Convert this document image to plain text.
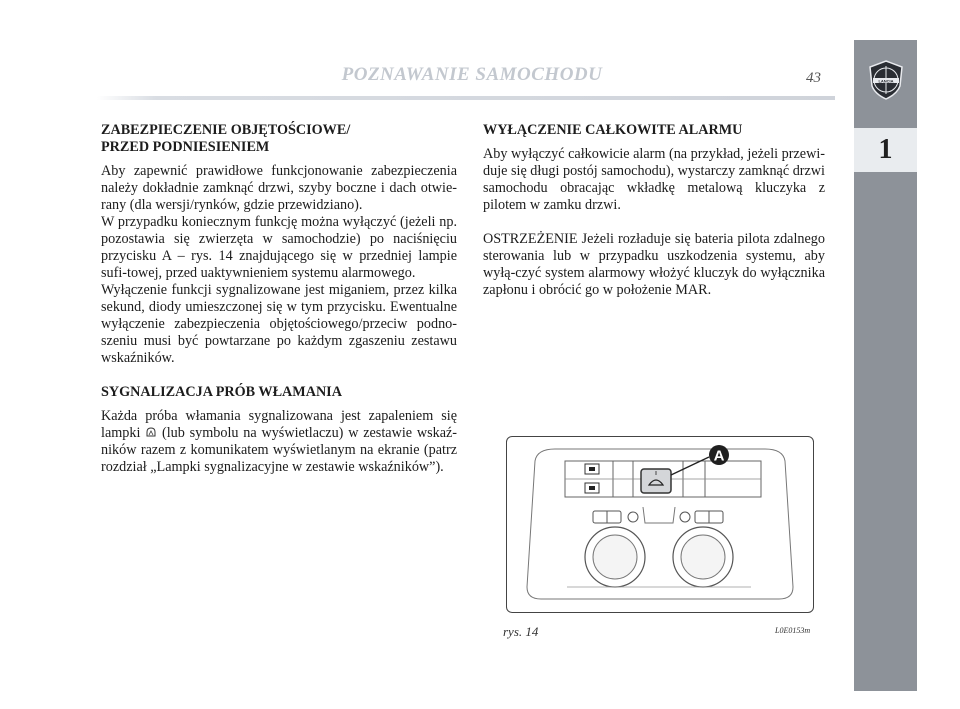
POZNAWANIE SAMOCHODU	43	LANCIA
1
ZABEZPIECZENIE OBJĘTOŚCIOWE/
PRZED PODNIESIENIEM

Aby zapewnić prawidłowe funkcjonowanie zabezpieczenia należy dokładnie zamknąć drzwi, szyby boczne i dach otwie-rany (dla wersji/rynków, gdzie przewidziano).

W przypadku koniecznym funkcję można wyłączyć (jeżeli np. pozostawia się zwierzęta w samochodzie) po naciśnięciu przycisku A – rys. 14 znajdującego się w przedniej lampie sufi-towej, przed uaktywnieniem systemu alarmowego.

Wyłączenie funkcji sygnalizowane jest miganiem, przez kilka sekund, diody umieszczonej się w tym przycisku. Ewentualne wyłączenie zabezpieczenia objętościowego/przeciw podno-szeniu musi być powtarzane po każdym zgaszeniu zestawu wskaźników.

SYGNALIZACJA PRÓB WŁAMANIA

Każda próba włamania sygnalizowana jest zapaleniem się lampki (lub symbolu na wyświetlaczu) w zestawie wskaź-ników razem z komunikatem wyświetlanym na ekranie (patrz rozdział „Lampki sygnalizacyjne w zestawie wskaźników”).

WYŁĄCZENIE CAŁKOWITE ALARMU

Aby wyłączyć całkowicie alarm (na przykład, jeżeli przewi-duje się długi postój samochodu), wystarczy zamknąć drzwi samochodu obracając wkładkę metalową kluczyka z pilotem w zamku drzwi.

OSTRZEŻENIE Jeżeli rozładuje się bateria pilota zdalnego sterowania lub w przypadku uszkodzenia systemu, aby wyłą-czyć system alarmowy włożyć kluczyk do wyłącznika zapłonu i obrócić go w położenie MAR.

A
rys. 14	L0E0153m
